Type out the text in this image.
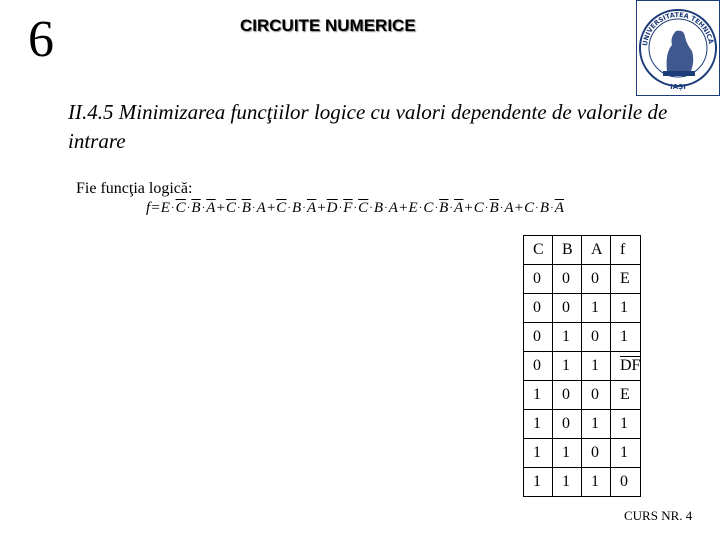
6	CIRCUITE NUMERICE
UNIVERSITATEA TEHNICĂ
IAŞI
II.4.5 Minimizarea funcţiilor logice cu valori dependente de valorile de intrare
Fie funcţia logică:
$f=E\cdot\overline{C}\cdot\overline{B}\cdot\overline{A}+\overline{C}\cdot\overline{B}\cdot A+\overline{C}\cdot B\cdot\overline{A}+\overline{D}\cdot\overline{F}\cdot\overline{C}\cdot B\cdot A+E\cdot C\cdot\overline{B}\cdot\overline{A}+C\cdot\overline{B}\cdot A+C\cdot B\cdot\overline{A}$
C	B	A	f
0	0	0	E
0	0	1	1
0	1	0	1
0	1	1	$\overline{DF}$
1	0	0	E
1	0	1	1
1	1	0	1
1	1	1	0
CURS NR. 4
